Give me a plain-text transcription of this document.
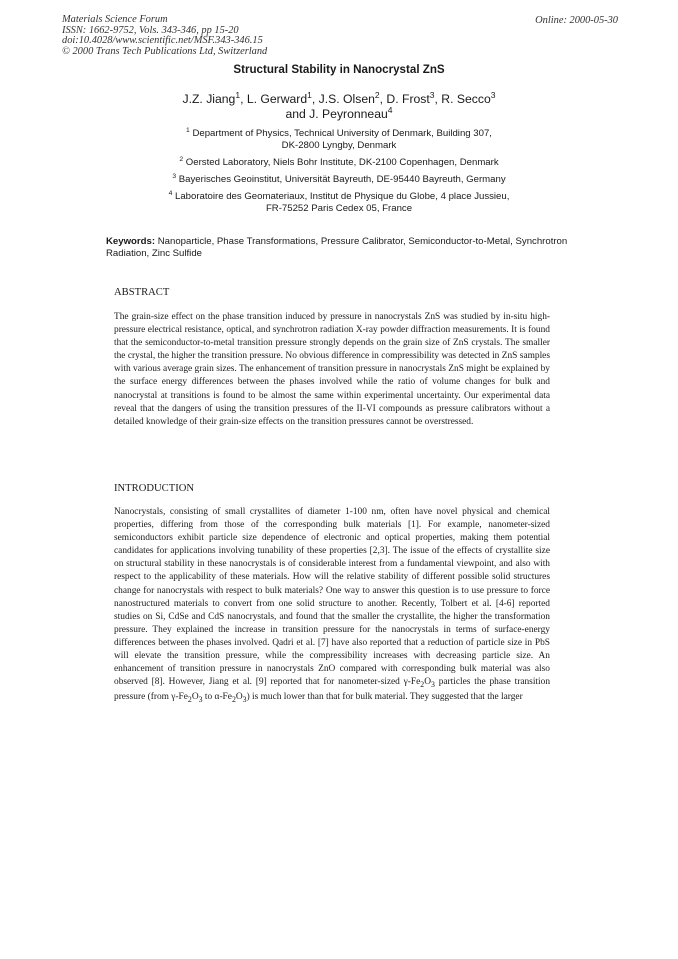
Materials Science Forum
ISSN: 1662-9752, Vols. 343-346, pp 15-20
doi:10.4028/www.scientific.net/MSF.343-346.15
© 2000 Trans Tech Publications Ltd, Switzerland
Online: 2000-05-30
Structural Stability in Nanocrystal ZnS
J.Z. Jiang$^1$, L. Gerward$^1$, J.S. Olsen$^2$, D. Frost$^3$, R. Secco$^3$
and J. Peyronneau$^4$
$^1$ Department of Physics, Technical University of Denmark, Building 307,
DK-2800 Lyngby, Denmark
$^2$ Oersted Laboratory, Niels Bohr Institute, DK-2100 Copenhagen, Denmark
$^3$ Bayerisches Geoinstitut, Universität Bayreuth, DE-95440 Bayreuth, Germany
$^4$ Laboratoire des Geomateriaux, Institut de Physique du Globe, 4 place Jussieu,
FR-75252 Paris Cedex 05, France
Keywords: Nanoparticle, Phase Transformations, Pressure Calibrator, Semiconductor-to-Metal, Synchrotron Radiation, Zinc Sulfide
ABSTRACT
The grain-size effect on the phase transition induced by pressure in nanocrystals ZnS was studied by in-situ high-pressure electrical resistance, optical, and synchrotron radiation X-ray powder diffraction measurements. It is found that the semiconductor-to-metal transition pressure strongly depends on the grain size of ZnS crystals. The smaller the crystal, the higher the transition pressure. No obvious difference in compressibility was detected in ZnS samples with various average grain sizes. The enhancement of transition pressure in nanocrystals ZnS might be explained by the surface energy differences between the phases involved while the ratio of volume changes for bulk and nanocrystal at transitions is found to be almost the same within experimental uncertainty. Our experimental data reveal that the dangers of using the transition pressures of the II-VI compounds as pressure calibrators without a detailed knowledge of their grain-size effects on the transition pressures cannot be overstressed.
INTRODUCTION
Nanocrystals, consisting of small crystallites of diameter 1-100 nm, often have novel physical and chemical properties, differing from those of the corresponding bulk materials [1]. For example, nanometer-sized semiconductors exhibit particle size dependence of electronic and optical properties, making them potential candidates for applications involving tunability of these properties [2,3]. The issue of the effects of crystallite size on structural stability in these nanocrystals is of considerable interest from a fundamental viewpoint, and also with respect to the applicability of these materials. How will the relative stability of different possible solid structures change for nanocrystals with respect to bulk materials? One way to answer this question is to use pressure to force nanostructured materials to convert from one solid structure to another. Recently, Tolbert et al. [4-6] reported studies on Si, CdSe and CdS nanocrystals, and found that the smaller the crystallite, the higher the transformation pressure. They explained the increase in transition pressure for the nanocrystals in terms of surface-energy differences between the phases involved. Qadri et al. [7] have also reported that a reduction of particle size in PbS will elevate the transition pressure, while the compressibility increases with decreasing particle size. An enhancement of transition pressure in nanocrystals ZnO compared with corresponding bulk material was also observed [8]. However, Jiang et al. [9] reported that for nanometer-sized $\gamma-Fe_2O_3$ particles the phase transition pressure (from $\gamma-Fe_2O_3$ to $\alpha-Fe_2O_3$) is much lower than that for bulk material. They suggested that the larger
